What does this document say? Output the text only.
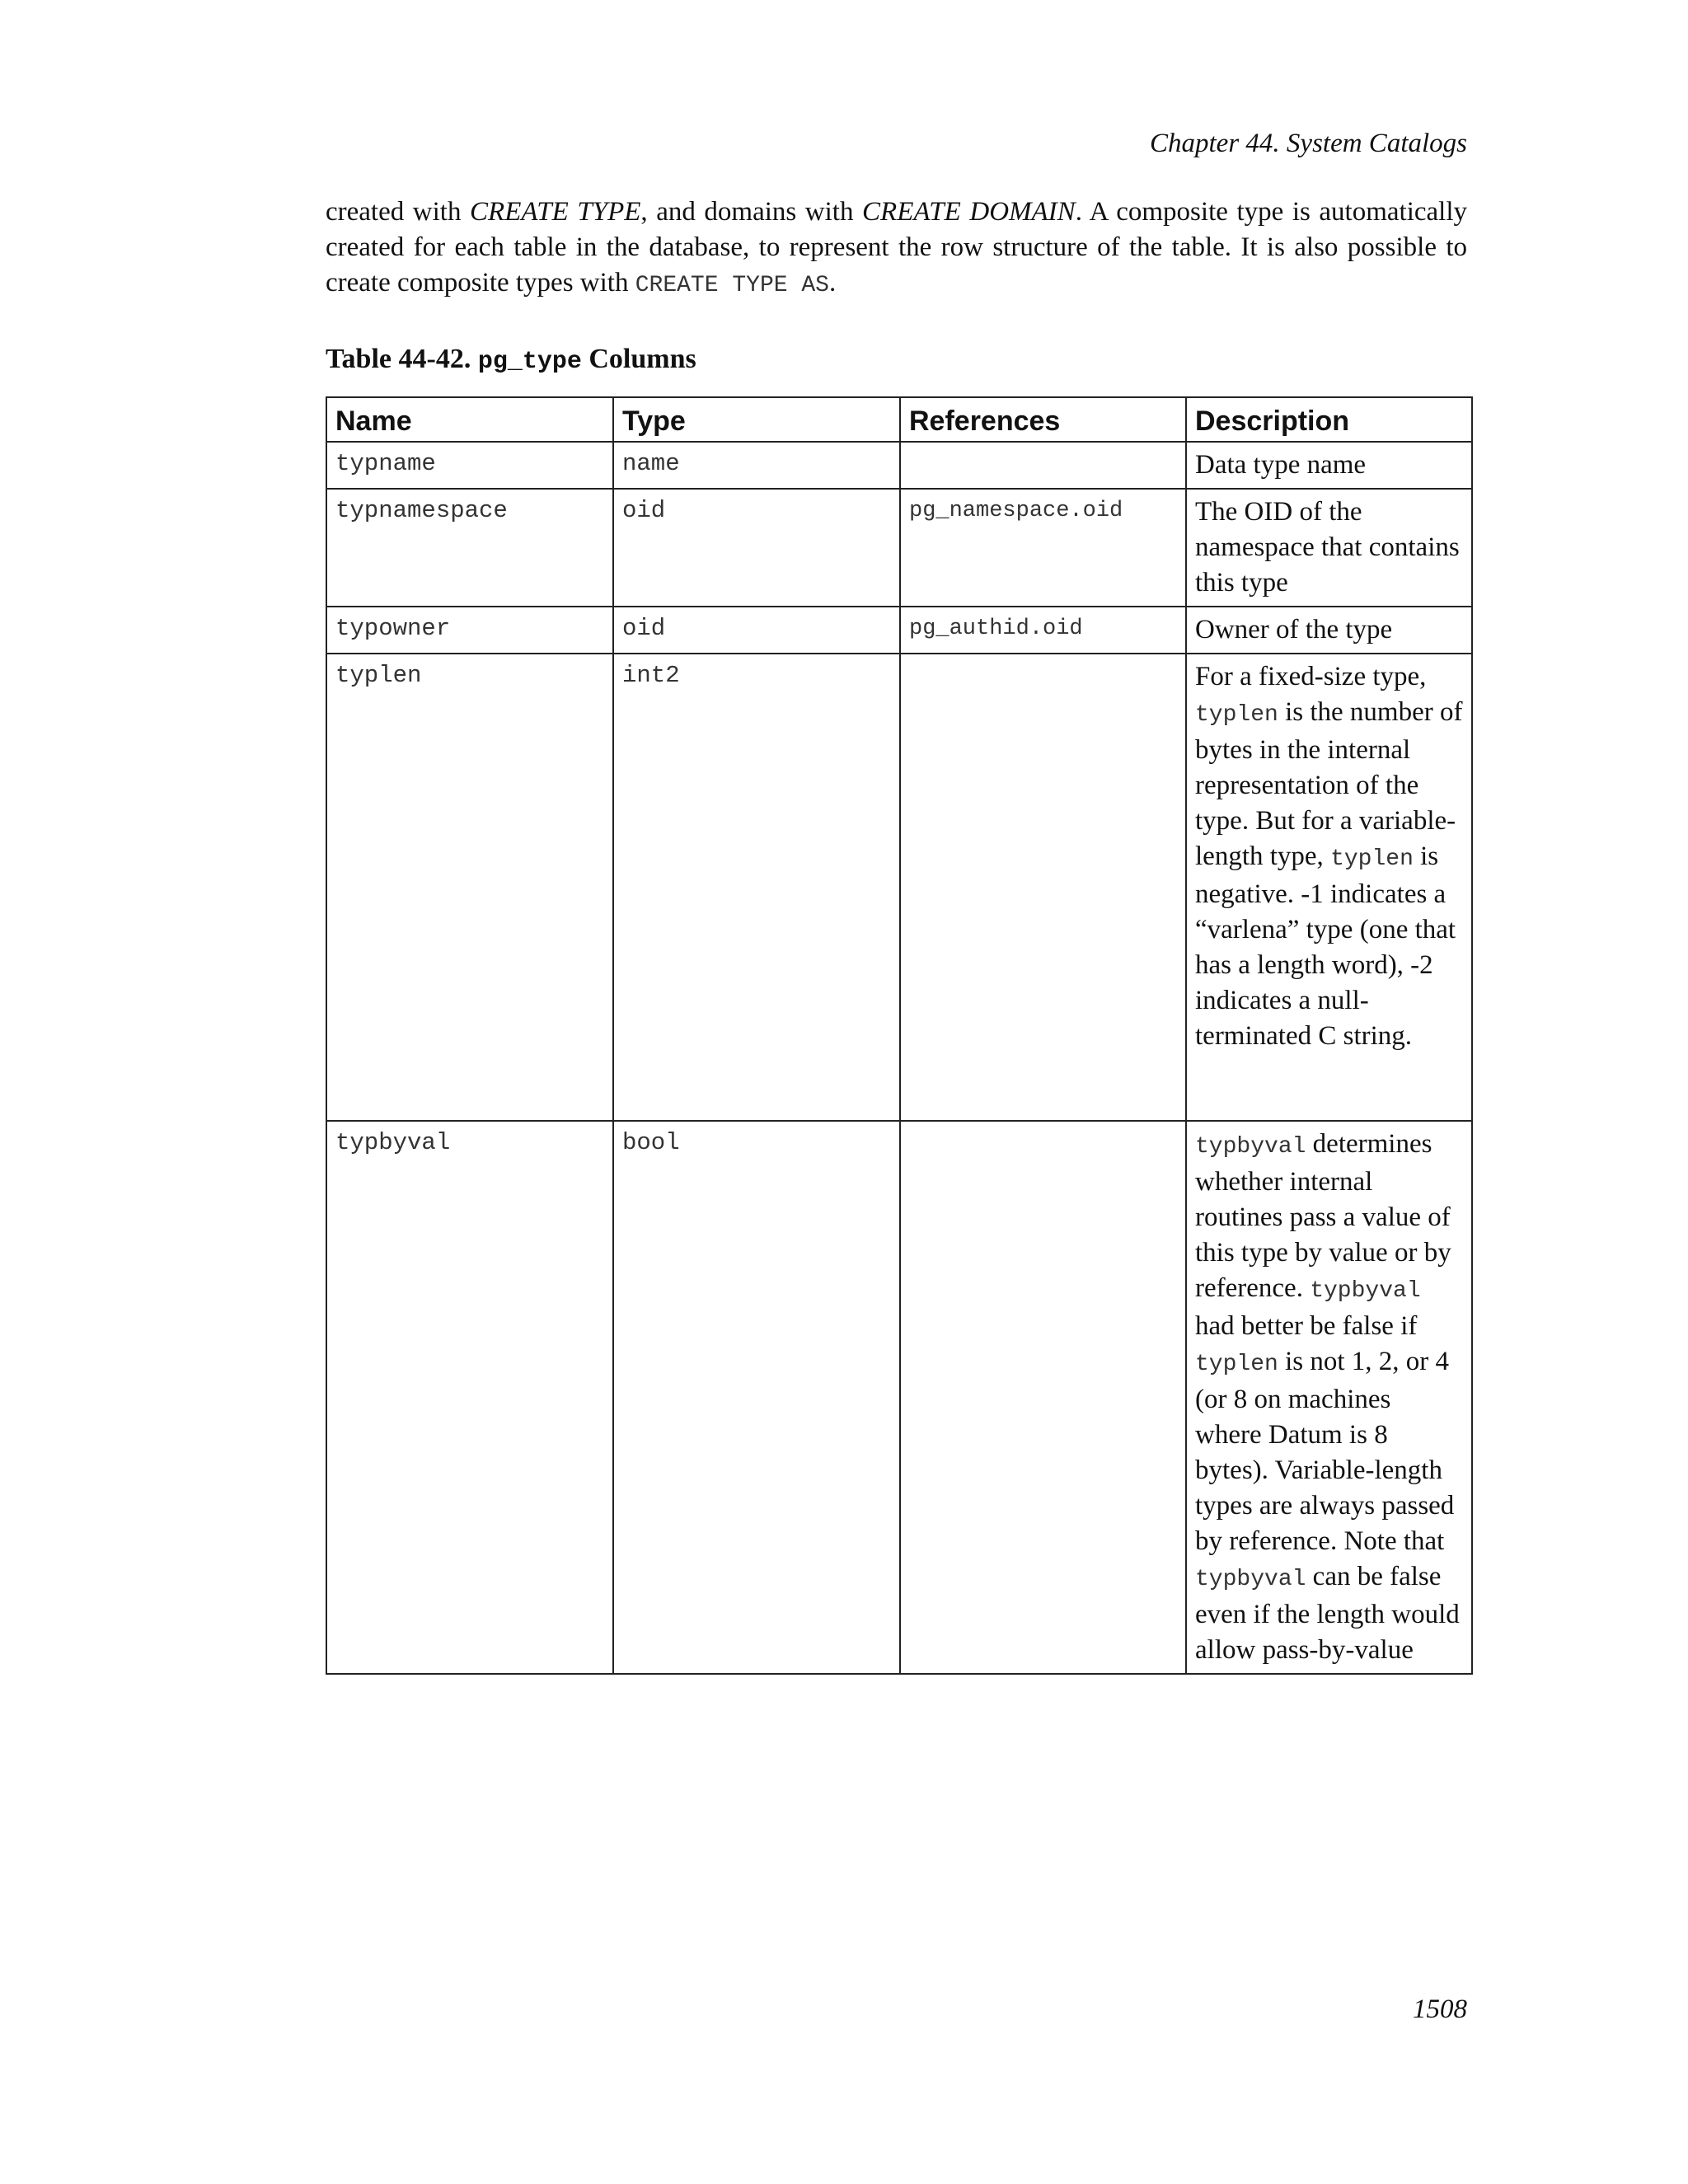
Chapter 44. System Catalogs

created with CREATE TYPE, and domains with CREATE DOMAIN. A composite type is automatically created for each table in the database, to represent the row structure of the table. It is also possible to create composite types with CREATE TYPE AS.

Table 44-42. pg_type Columns
Name	Type	References	Description
typname	name		Data type name
typnamespace	oid	pg_namespace.oid	The OID of the namespace that contains this type
typowner	oid	pg_authid.oid	Owner of the type
typlen	int2		For a fixed-size type, typlen is the number of bytes in the internal representation of the type. But for a variable-length type, typlen is negative. -1 indicates a “varlena” type (one that has a length word), -2 indicates a null-terminated C string.
typbyval	bool		typbyval determines whether internal routines pass a value of this type by value or by reference. typbyval had better be false if typlen is not 1, 2, or 4 (or 8 on machines where Datum is 8 bytes). Variable-length types are always passed by reference. Note that typbyval can be false even if the length would allow pass-by-value
1508
